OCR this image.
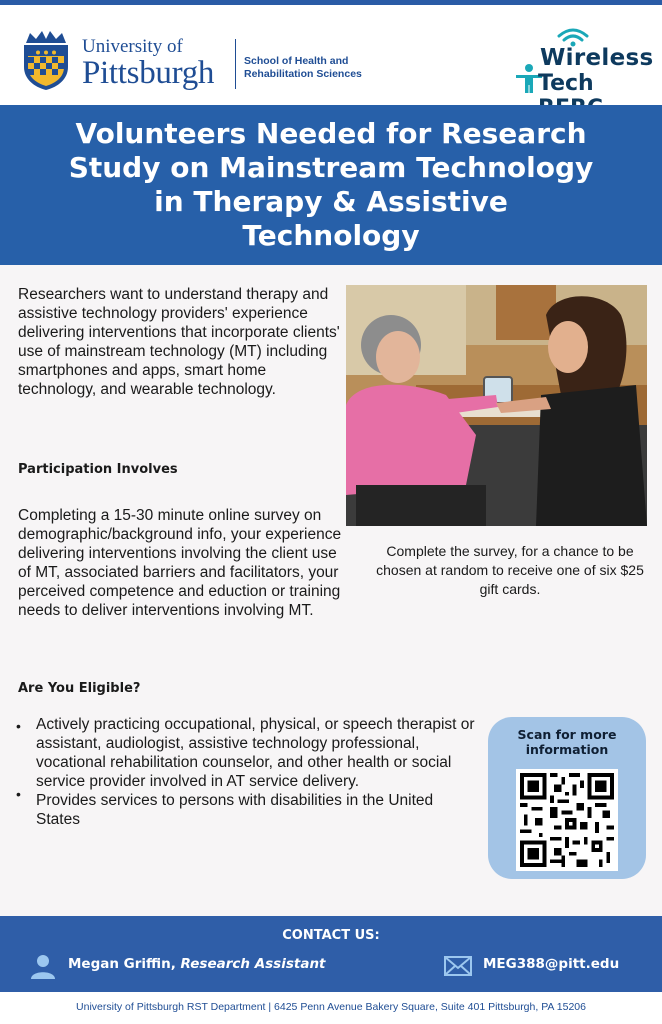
University of
Pittsburgh	School of Health and
Rehabilitation Sciences
Wireless
Tech
Volunteers Needed for Research Study on Mainstream Technology in Therapy & Assistive Technology

Researchers want to understand therapy and assistive technology providers' experience delivering interventions that incorporate clients' use of mainstream technology (MT) including smartphones and apps, smart home technology, and wearable technology.

Complete the survey, for a chance to be chosen at random to receive one of six $25 gift cards.

Participation Involves

Completing a 15-30 minute online survey on demographic/background info, your experience delivering interventions involving the client use of MT, associated barriers and facilitators, your perceived competence and eduction or training needs to deliver interventions involving MT.

Are You Eligible?
•
•

Actively practicing occupational, physical, or speech therapist or assistant, audiologist, assistive technology professional, vocational rehabilitation counselor, and other health or social service provider involved in AT service delivery.

Provides services to persons with disabilities in the United States

Scan for more information
CONTACT US:
Megan Griffin, Research Assistant	MEG388@pitt.edu
University of Pittsburgh RST Department | 6425 Penn Avenue Bakery Square, Suite 401 Pittsburgh, PA 15206
